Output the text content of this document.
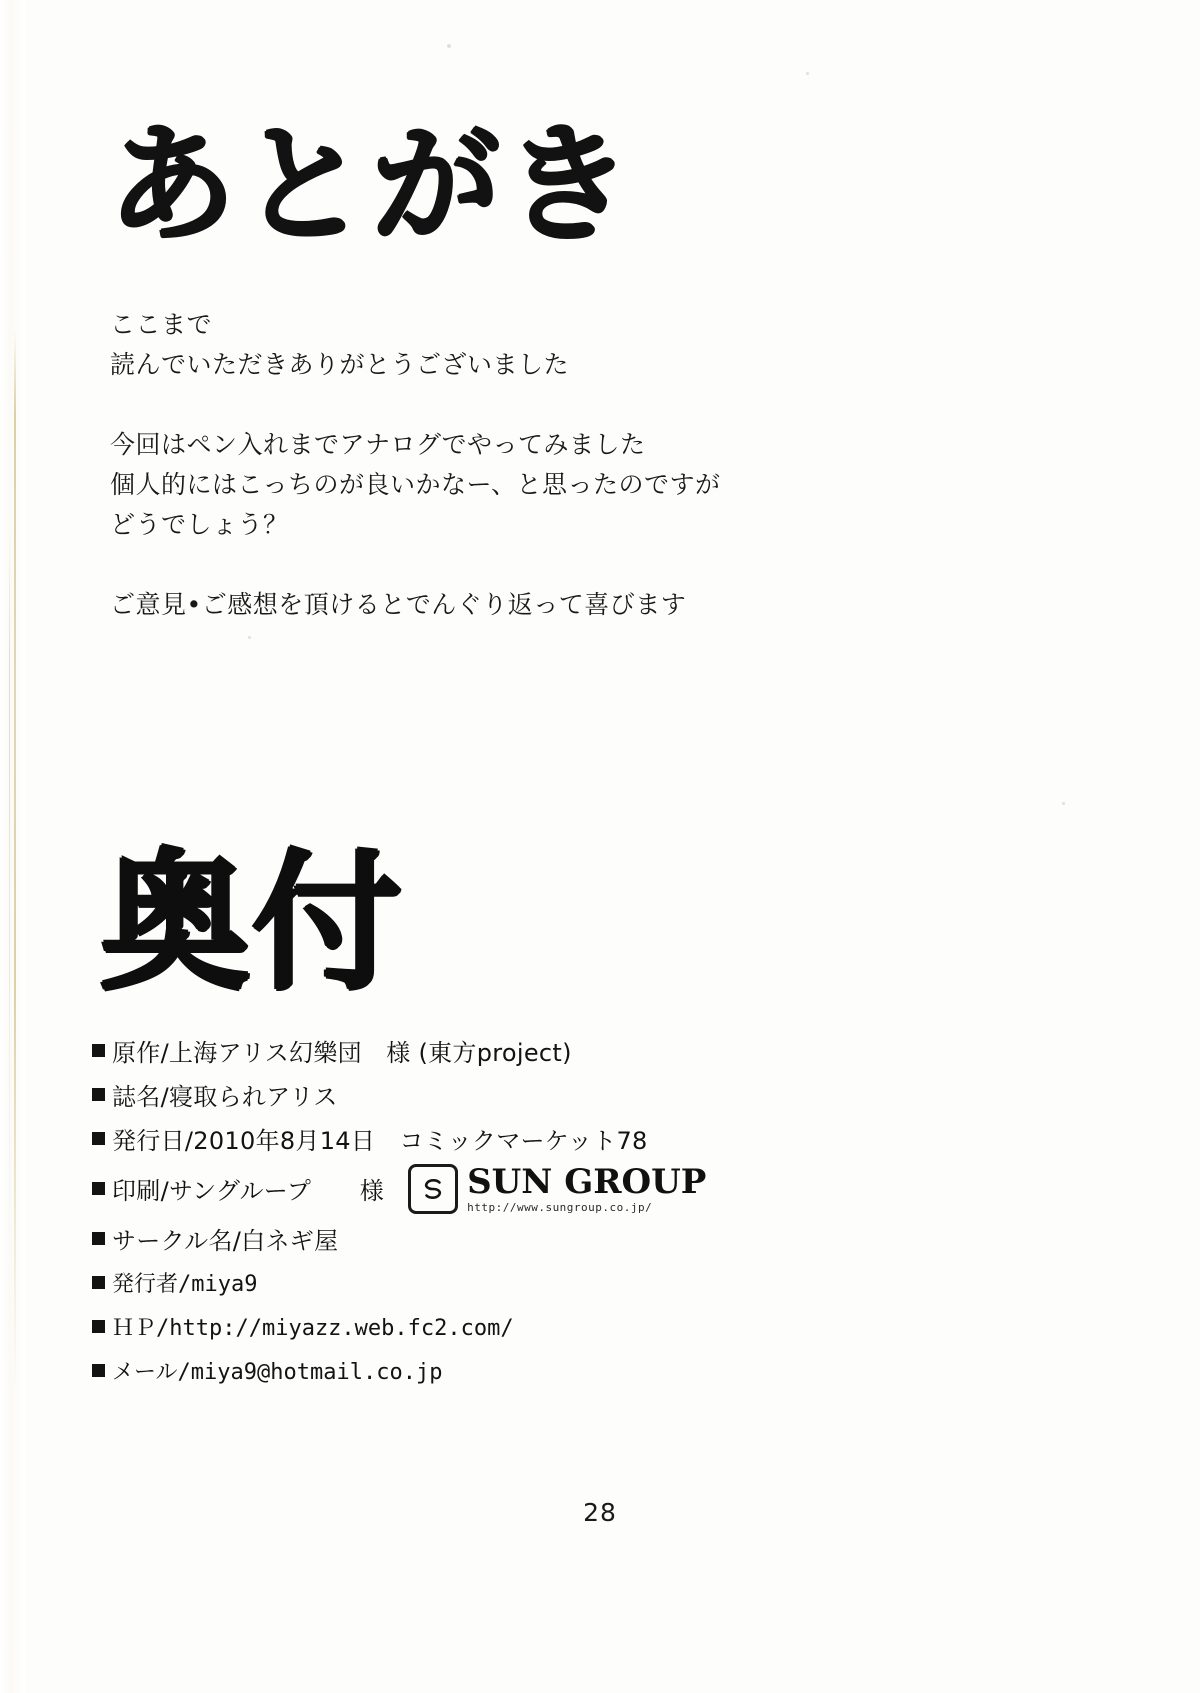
あとがき

ここまで

読んでいただきありがとうございました

今回はペン入れまでアナログでやってみました

個人的にはこっちのが良いかなー、と思ったのですが

どうでしょう？

ご意見•ご感想を頂けるとでんぐり返って喜びます

奥付
原作/上海アリス幻樂団　様 (東方project)
誌名/寝取られアリス
発行日/2010年8月14日　コミックマーケット78
印刷/サングループ　　様 SUN GROUP
http://www.sungroup.co.jp/
サークル名/白ネギ屋
発行者/miya9
ＨＰ/http://miyazz.web.fc2.com/
メール/miya9@hotmail.co.jp
28
